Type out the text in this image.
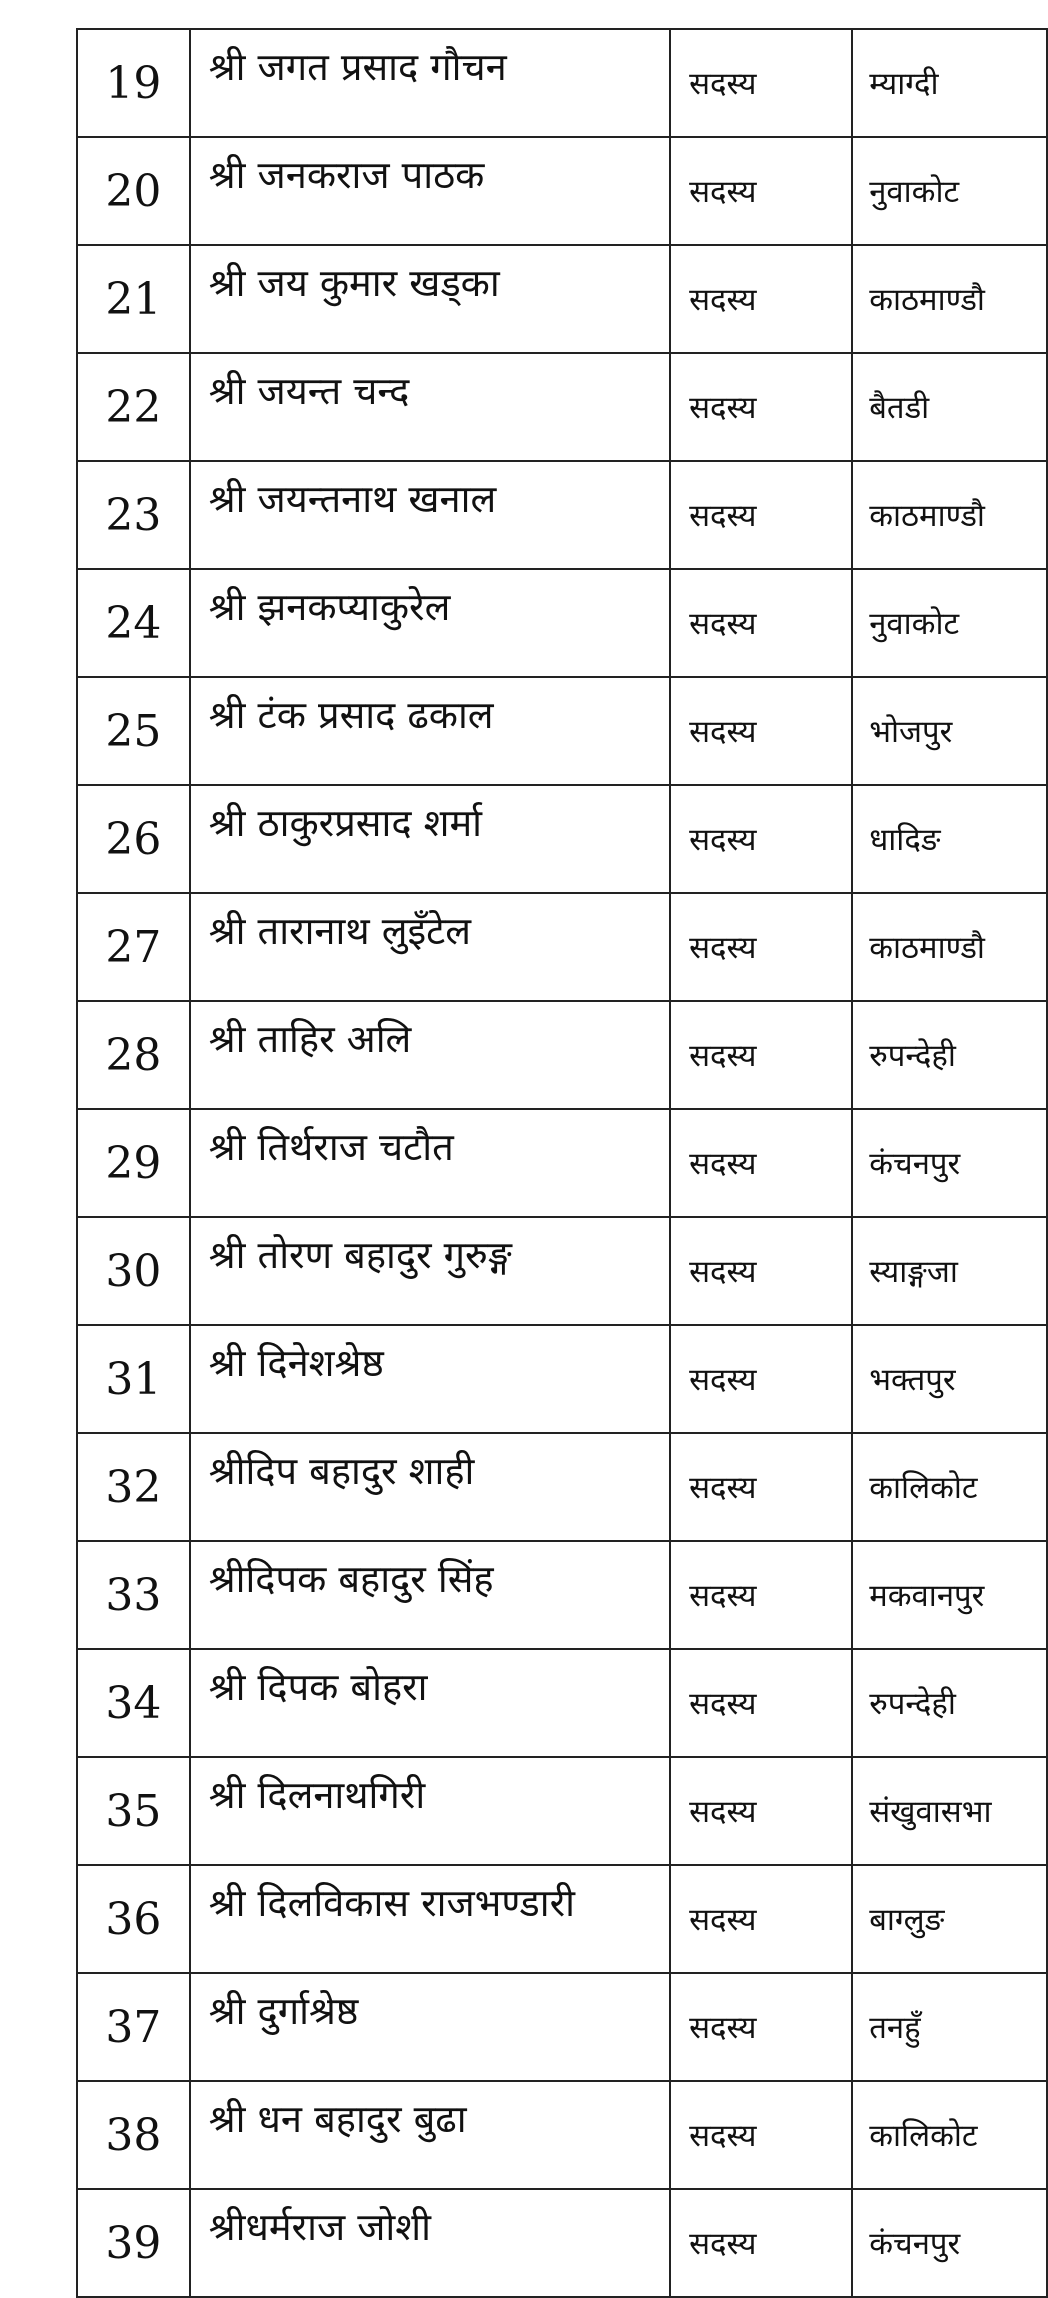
19	श्री जगत प्रसाद गौचन	सदस्य	म्याग्दी
20	श्री जनकराज पाठक	सदस्य	नुवाकोट
21	श्री जय कुमार खड्का	सदस्य	काठमाण्डौ
22	श्री जयन्त चन्द	सदस्य	बैतडी
23	श्री जयन्तनाथ खनाल	सदस्य	काठमाण्डौ
24	श्री झनकप्याकुरेल	सदस्य	नुवाकोट
25	श्री टंक प्रसाद ढकाल	सदस्य	भोजपुर
26	श्री ठाकुरप्रसाद शर्मा	सदस्य	धादिङ
27	श्री तारानाथ लुइँटेल	सदस्य	काठमाण्डौ
28	श्री ताहिर अलि	सदस्य	रुपन्देही
29	श्री तिर्थराज चटौत	सदस्य	कंचनपुर
30	श्री तोरण बहादुर गुरुङ्ग	सदस्य	स्याङ्गजा
31	श्री दिनेशश्रेष्ठ	सदस्य	भक्तपुर
32	श्रीदिप बहादुर शाही	सदस्य	कालिकोट
33	श्रीदिपक बहादुर सिंह	सदस्य	मकवानपुर
34	श्री दिपक बोहरा	सदस्य	रुपन्देही
35	श्री दिलनाथगिरी	सदस्य	संखुवासभा
36	श्री दिलविकास राजभण्डारी	सदस्य	बाग्लुङ
37	श्री दुर्गाश्रेष्ठ	सदस्य	तनहुँ
38	श्री धन बहादुर बुढा	सदस्य	कालिकोट
39	श्रीधर्मराज जोशी	सदस्य	कंचनपुर
